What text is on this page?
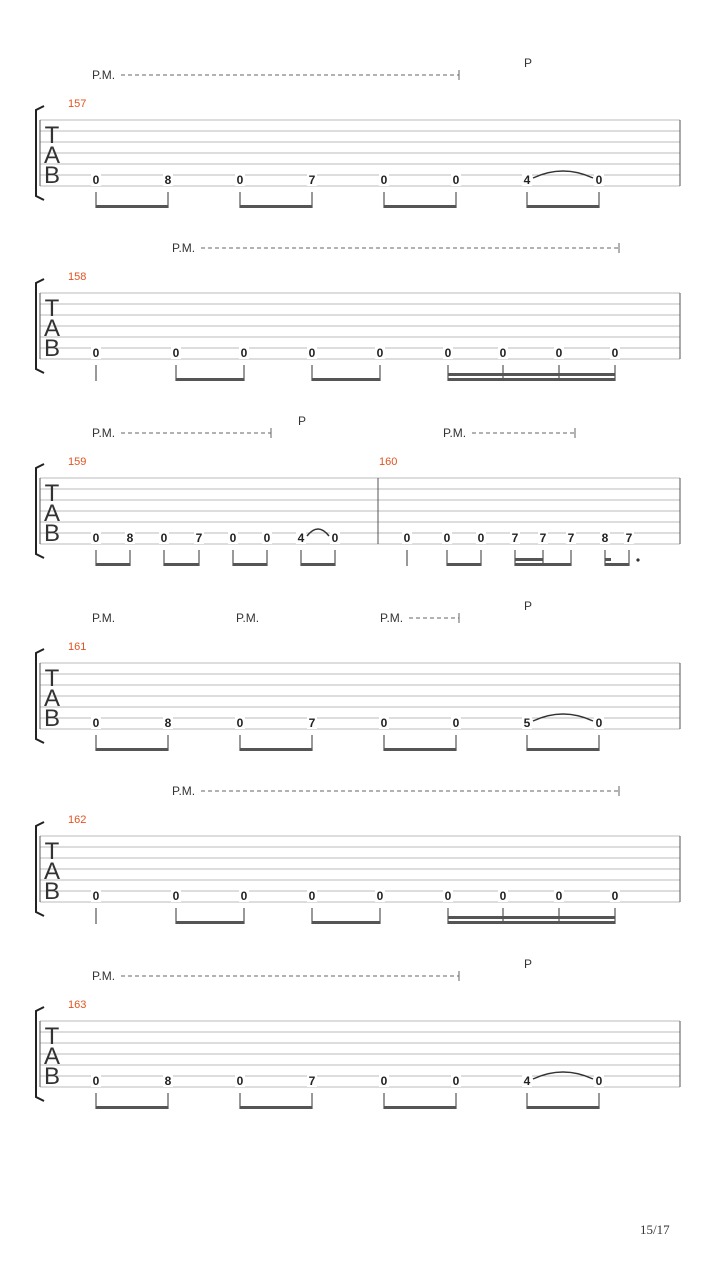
T
A
B
P.M.
P
157
0	8	0	7	0	0	4	0
T
A
B
P.M.
158
0	0	0	0	0	0	0	0	0
T
A
B
P.M.	P.M.
P
159	160
0 8 0 7 0 0 4 0	0	0 0 7 7 7 8 7
T
A
B
P.M.	P.M.	P.M.
P
161
0	8	0	7	0	0	5	0
T
A
B
P.M.
162
0	0	0	0	0	0	0	0	0
T
A
B
P.M.
P
163
0	8	0	7	0	0	4	0
15/17
